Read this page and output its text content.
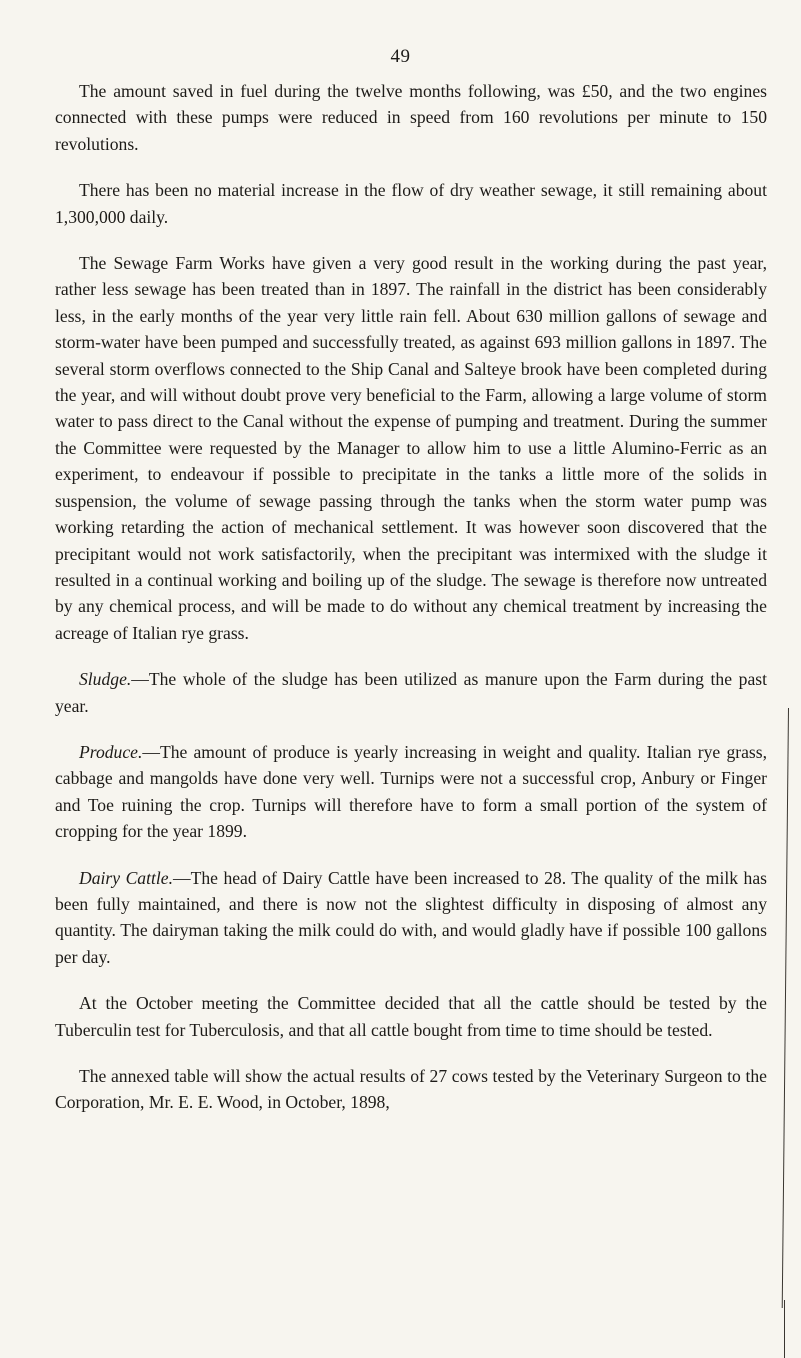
49

The amount saved in fuel during the twelve months following, was £50, and the two engines connected with these pumps were reduced in speed from 160 revolutions per minute to 150 revolutions.

There has been no material increase in the flow of dry weather sewage, it still remaining about 1,300,000 daily.

The Sewage Farm Works have given a very good result in the working during the past year, rather less sewage has been treated than in 1897. The rainfall in the district has been considerably less, in the early months of the year very little rain fell. About 630 million gallons of sewage and storm-water have been pumped and successfully treated, as against 693 million gallons in 1897. The several storm overflows connected to the Ship Canal and Salteye brook have been completed during the year, and will without doubt prove very beneficial to the Farm, allowing a large volume of storm water to pass direct to the Canal without the expense of pumping and treatment. During the summer the Committee were requested by the Manager to allow him to use a little Alumino-Ferric as an experiment, to endeavour if possible to precipitate in the tanks a little more of the solids in suspension, the volume of sewage passing through the tanks when the storm water pump was working retarding the action of mechanical settlement. It was however soon discovered that the precipitant would not work satisfactorily, when the precipitant was intermixed with the sludge it resulted in a continual working and boiling up of the sludge. The sewage is therefore now untreated by any chemical process, and will be made to do without any chemical treatment by increasing the acreage of Italian rye grass.

Sludge.—The whole of the sludge has been utilized as manure upon the Farm during the past year.

Produce.—The amount of produce is yearly increasing in weight and quality. Italian rye grass, cabbage and mangolds have done very well. Turnips were not a successful crop, Anbury or Finger and Toe ruining the crop. Turnips will therefore have to form a small portion of the system of cropping for the year 1899.

Dairy Cattle.—The head of Dairy Cattle have been increased to 28. The quality of the milk has been fully maintained, and there is now not the slightest difficulty in disposing of almost any quantity. The dairyman taking the milk could do with, and would gladly have if possible 100 gallons per day.

At the October meeting the Committee decided that all the cattle should be tested by the Tuberculin test for Tuberculosis, and that all cattle bought from time to time should be tested.

The annexed table will show the actual results of 27 cows tested by the Veterinary Surgeon to the Corporation, Mr. E. E. Wood, in October, 1898,
